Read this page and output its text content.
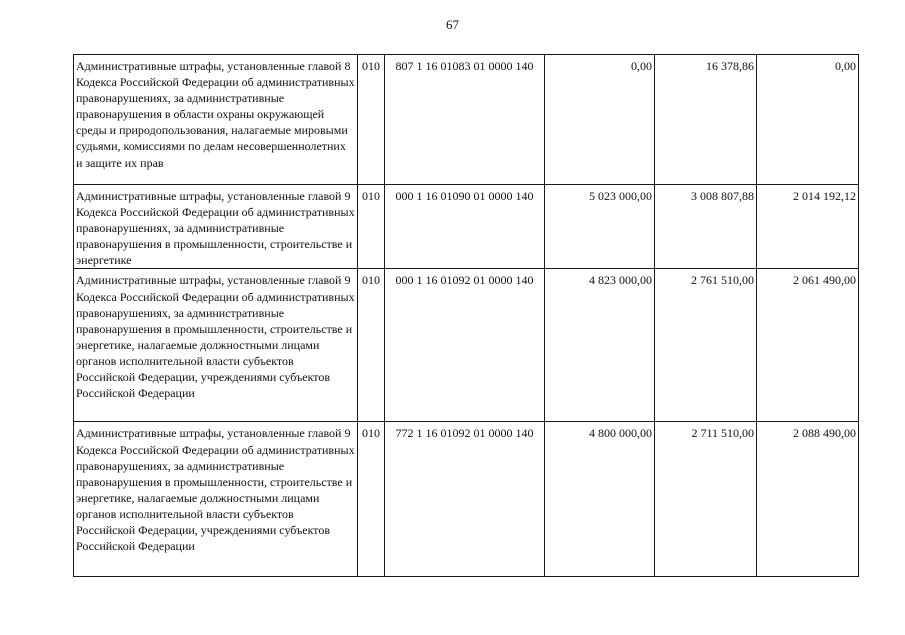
67
Административные штрафы, установленные главой 8 Кодекса Российской Федерации об административных правонарушениях, за административные правонарушения в области охраны окружающей среды и природопользования, налагаемые мировыми судьями, комиссиями по делам несовершеннолетних и защите их прав	010	807 1 16 01083 01 0000 140	0,00	16 378,86	0,00
Административные штрафы, установленные главой 9 Кодекса Российской Федерации об административных правонарушениях, за административные правонарушения в промышленности, строительстве и энергетике	010	000 1 16 01090 01 0000 140	5 023 000,00	3 008 807,88	2 014 192,12
Административные штрафы, установленные главой 9 Кодекса Российской Федерации об административных правонарушениях, за административные правонарушения в промышленности, строительстве и энергетике, налагаемые должностными лицами органов исполнительной власти субъектов Российской Федерации, учреждениями субъектов Российской Федерации	010	000 1 16 01092 01 0000 140	4 823 000,00	2 761 510,00	2 061 490,00
Административные штрафы, установленные главой 9 Кодекса Российской Федерации об административных правонарушениях, за административные правонарушения в промышленности, строительстве и энергетике, налагаемые должностными лицами органов исполнительной власти субъектов Российской Федерации, учреждениями субъектов Российской Федерации	010	772 1 16 01092 01 0000 140	4 800 000,00	2 711 510,00	2 088 490,00
